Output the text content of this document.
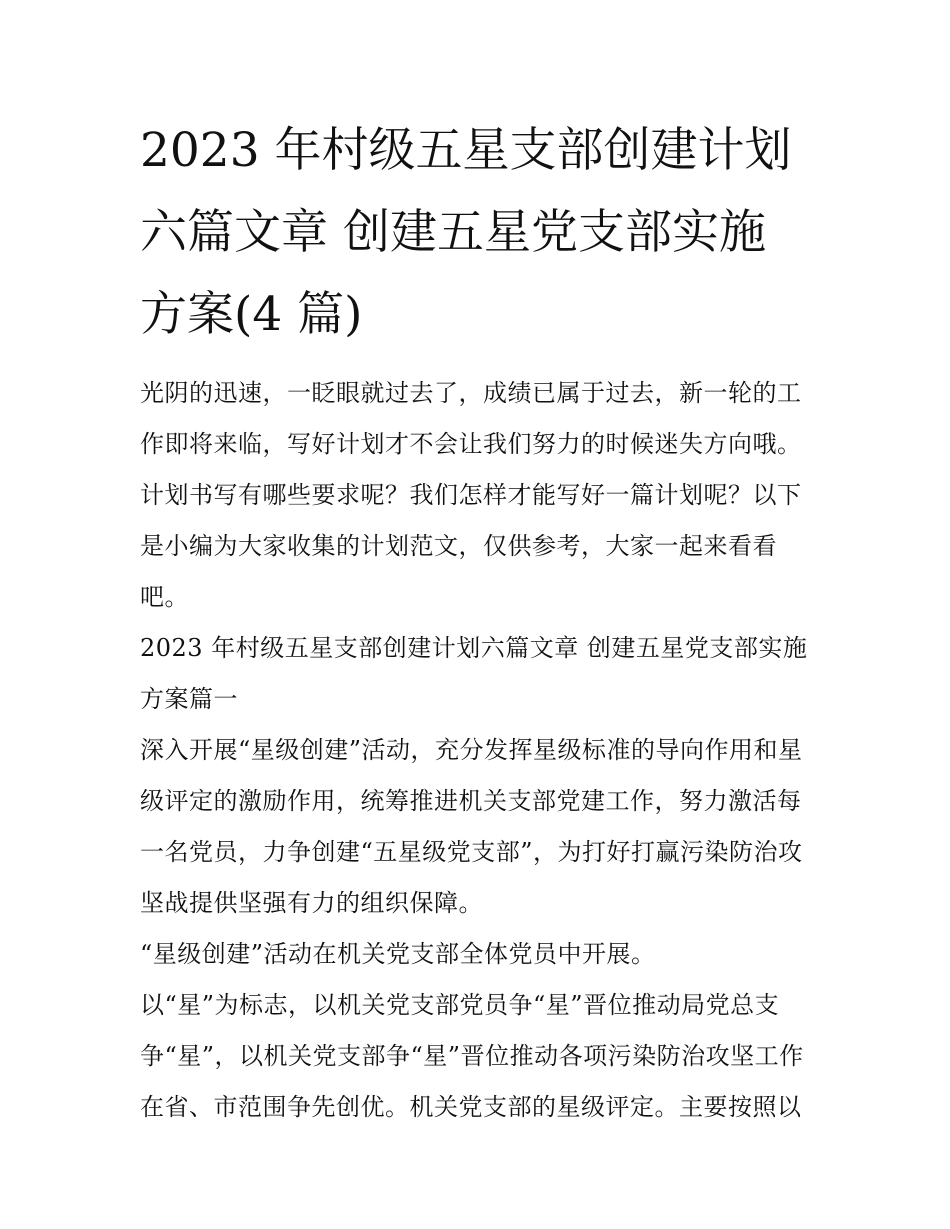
2023 年村级五星支部创建计划
六篇文章 创建五星党支部实施
方案(4 篇)

光阴的迅速，一眨眼就过去了，成绩已属于过去，新一轮的工
作即将来临，写好计划才不会让我们努力的时候迷失方向哦。
计划书写有哪些要求呢？我们怎样才能写好一篇计划呢？以下
是小编为大家收集的计划范文，仅供参考，大家一起来看看
吧。

2023 年村级五星支部创建计划六篇文章 创建五星党支部实施
方案篇一

深入开展“星级创建”活动，充分发挥星级标准的导向作用和星
级评定的激励作用，统筹推进机关支部党建工作，努力激活每
一名党员，力争创建“五星级党支部”，为打好打赢污染防治攻
坚战提供坚强有力的组织保障。

“星级创建”活动在机关党支部全体党员中开展。

以“星”为标志，以机关党支部党员争“星”晋位推动局党总支
争“星”，以机关党支部争“星”晋位推动各项污染防治攻坚工作
在省、市范围争先创优。机关党支部的星级评定。主要按照以
